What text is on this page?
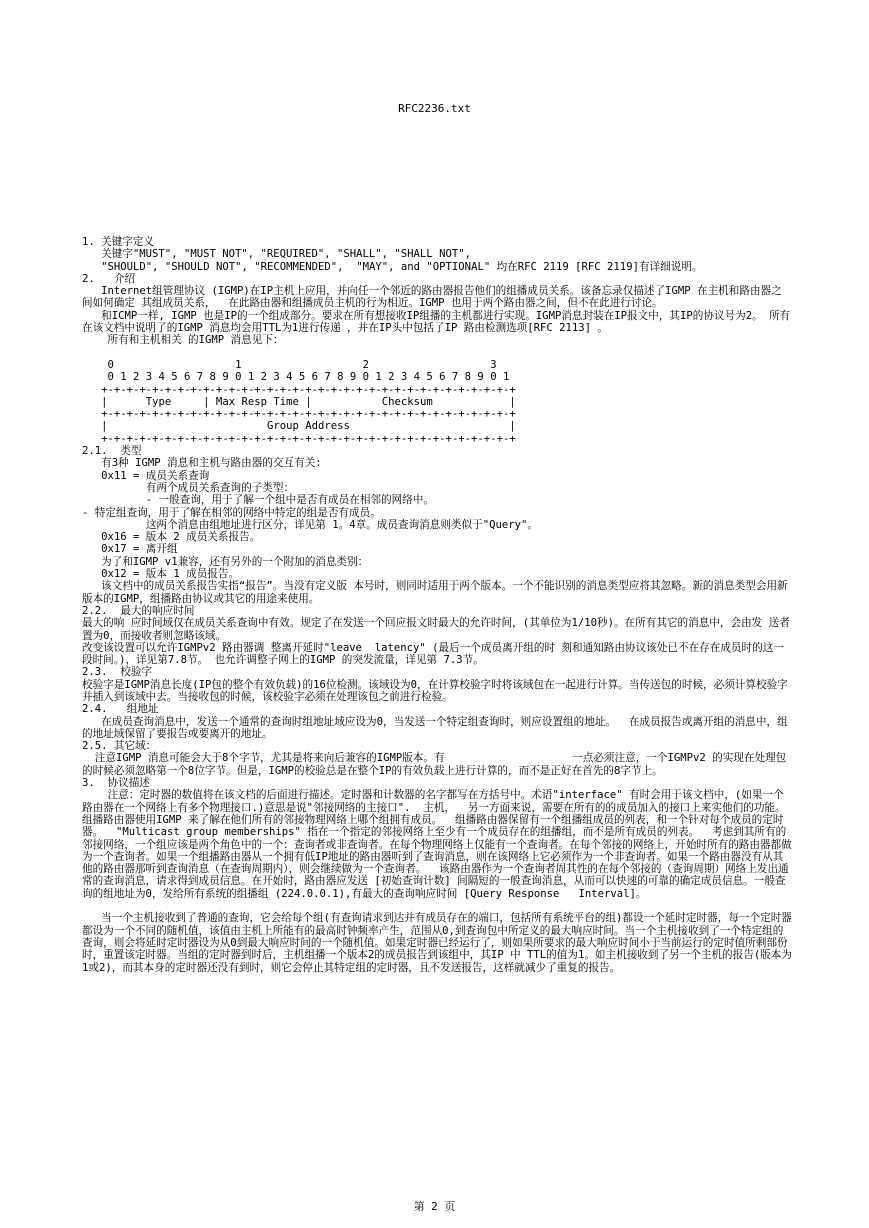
RFC2236.txt
1. 关键字定义
关键字"MUST", "MUST NOT", "REQUIRED", "SHALL", "SHALL NOT",
"SHOULD", "SHOULD NOT", "RECOMMENDED",  "MAY", and "OPTIONAL" 均在RFC 2119 [RFC 2119]有详细说明。
2.   介绍
Internet组管理协议 (IGMP)在IP主机上应用，并向任一个邻近的路由器报告他们的组播成员关系。该备忘录仅描述了IGMP 在主机和路由器之间如何确定 其组成员关系，  在此路由器和组播成员主机的行为相近。IGMP 也用于两个路由器之间，但不在此进行讨论。
和ICMP一样, IGMP 也是IP的一个组成部分。要求在所有想接收IP组播的主机都进行实现。IGMP消息封装在IP报文中，其IP的协议号为2。 所有在该文档中说明了的IGMP 消息均会用TTL为1进行传递 ，并在IP头中包括了IP 路由检测选项[RFC 2113] 。
所有和主机相关 的IGMP 消息见下：
0                   1                   2                   3
0 1 2 3 4 5 6 7 8 9 0 1 2 3 4 5 6 7 8 9 0 1 2 3 4 5 6 7 8 9 0 1
+-+-+-+-+-+-+-+-+-+-+-+-+-+-+-+-+-+-+-+-+-+-+-+-+-+-+-+-+-+-+-+-+
|      Type     | Max Resp Time |           Checksum            |
+-+-+-+-+-+-+-+-+-+-+-+-+-+-+-+-+-+-+-+-+-+-+-+-+-+-+-+-+-+-+-+-+
|                         Group Address                         |
+-+-+-+-+-+-+-+-+-+-+-+-+-+-+-+-+-+-+-+-+-+-+-+-+-+-+-+-+-+-+-+-+
2.1.  类型
有3种 IGMP 消息和主机与路由器的交互有关:
0x11 = 成员关系查询
有两个成员关系查询的子类型：
- 一般查询，用于了解一个组中是否有成员在相邻的网络中。
- 特定组查询，用于了解在相邻的网络中特定的组是否有成员。
这两个消息由组地址进行区分，详见第 1。4章。成员查询消息则类似于"Query"。
0x16 = 版本 2 成员关系报告。
0x17 = 离开组
为了和IGMP v1兼容，还有另外的一个附加的消息类别：
0x12 = 版本 1 成员报告。
该文档中的成员关系报告实指“报告”。当没有定义版 本号时，则同时适用于两个版本。一个不能识别的消息类型应将其忽略。新的消息类型会用新版本的IGMP，组播路由协议或其它的用途来使用。
2.2.  最大的响应时间
最大的响 应时间域仅在成员关系查询中有效。规定了在发送一个回应报文时最大的允许时间，(其单位为1/10秒)。在所有其它的消息中，会由发 送者置为0，而接收者则忽略该域。
改变该设置可以允许IGMPv2 路由器调 整离开延时"leave  latency" (最后一个成员离开组的时 刻和通知路由协议该处已不在存在成员时的这一段时间。)，详见第7.8节。 也允许调整子网上的IGMP 的突发流量，详见第 7.3节。
2.3.  校验字
校验字是IGMP消息长度(IP包的整个有效负载)的16位检测。该域设为0，在计算校验字时将该域包在一起进行计算。当传送包的时候，必须计算校验字并插入到该域中去。当接收包的时候，该校验字必须在处理该包之前进行检验。
2.4.   组地址
在成员查询消息中，发送一个通常的查询时组地址域应设为0，当发送一个特定组查询时，则应设置组的地址。  在成员报告或离开组的消息中，组的地址域保留了要报告或要离开的地址。
2.5. 其它域：
注意IGMP 消息可能会大于8个字节，尤其是将来向后兼容的IGMP版本。有                    一点必须注意，一个IGMPv2 的实现在处理包的时候必须忽略第一个8位字节。但是，IGMP的校验总是在整个IP的有效负载上进行计算的，而不是正好在首先的8字节上。
3.  协议描述
注意：定时器的数值将在该文档的后面进行描述。定时器和计数器的名字都写在方括号中。术语"interface" 有时会用于该文档中，(如果一个路由器在一个网络上有多个物理接口.)意思是说"邻接网络的主接口".  主机，  另一方面来说，需要在所有的的成员加入的接口上来实他们的功能。 组播路由器使用IGMP 来了解在他们所有的邻接物理网络上哪个组拥有成员。  组播路由器保留有一个组播组成员的列表，和一个针对每个成员的定时器。  "Multicast group memberships" 指在一个指定的邻接网络上至少有一个成员存在的组播组，而不是所有成员的列表。  考虑到其所有的邻接网络，一个组应该是两个角色中的一个：查询者或非查询者。在每个物理网络上仅能有一个查询者。在每个邻接的网络上，开始时所有的路由器都做为一个查询者。如果一个组播路由器从一个拥有低IP地址的路由器听到了查询消息，则在该网络上它必须作为一个非查询者。如果一个路由器没有从其他的路由器那听到查询消息（在查询周期内），则会继续做为一个查询者。  该路由器作为一个查询者周其性的在每个邻接的（查询周期）网络上发出通常的查询消息，请求得到成员信息。在开始时，路由器应发送 [初始查询计数] 间隔短的一般查询消息，从而可以快速的可靠的确定成员信息。一般查询的组地址为0，发给所有系统的组播组 (224.0.0.1),有最大的查询响应时间 [Query Response   Interval]。
当一个主机接收到了普通的查询，它会给每个组(有查询请求到达并有成员存在的端口，包括所有系统平台的组)都设一个延时定时器，每一个定时器都设为一个不同的随机值，该值由主机上所能有的最高时钟频率产生，范围从0,到查询包中所定义的最大响应时间。当一个主机接收到了一个特定组的查询，则会将延时定时器设为从0到最大响应时间的一个随机值。如果定时器已经运行了，则如果所要求的最大响应时间小于当前运行的定时值所剩部份时，重置该定时器。当组的定时器到时后，主机组播一个版本2的成员报告到该组中，其IP 中 TTL的值为1。如主机接收到了另一个主机的报告(版本为1或2)，而其本身的定时器还没有到时，则它会停止其特定组的定时器，且不发送报告，这样就减少了重复的报告。
第 2 页
